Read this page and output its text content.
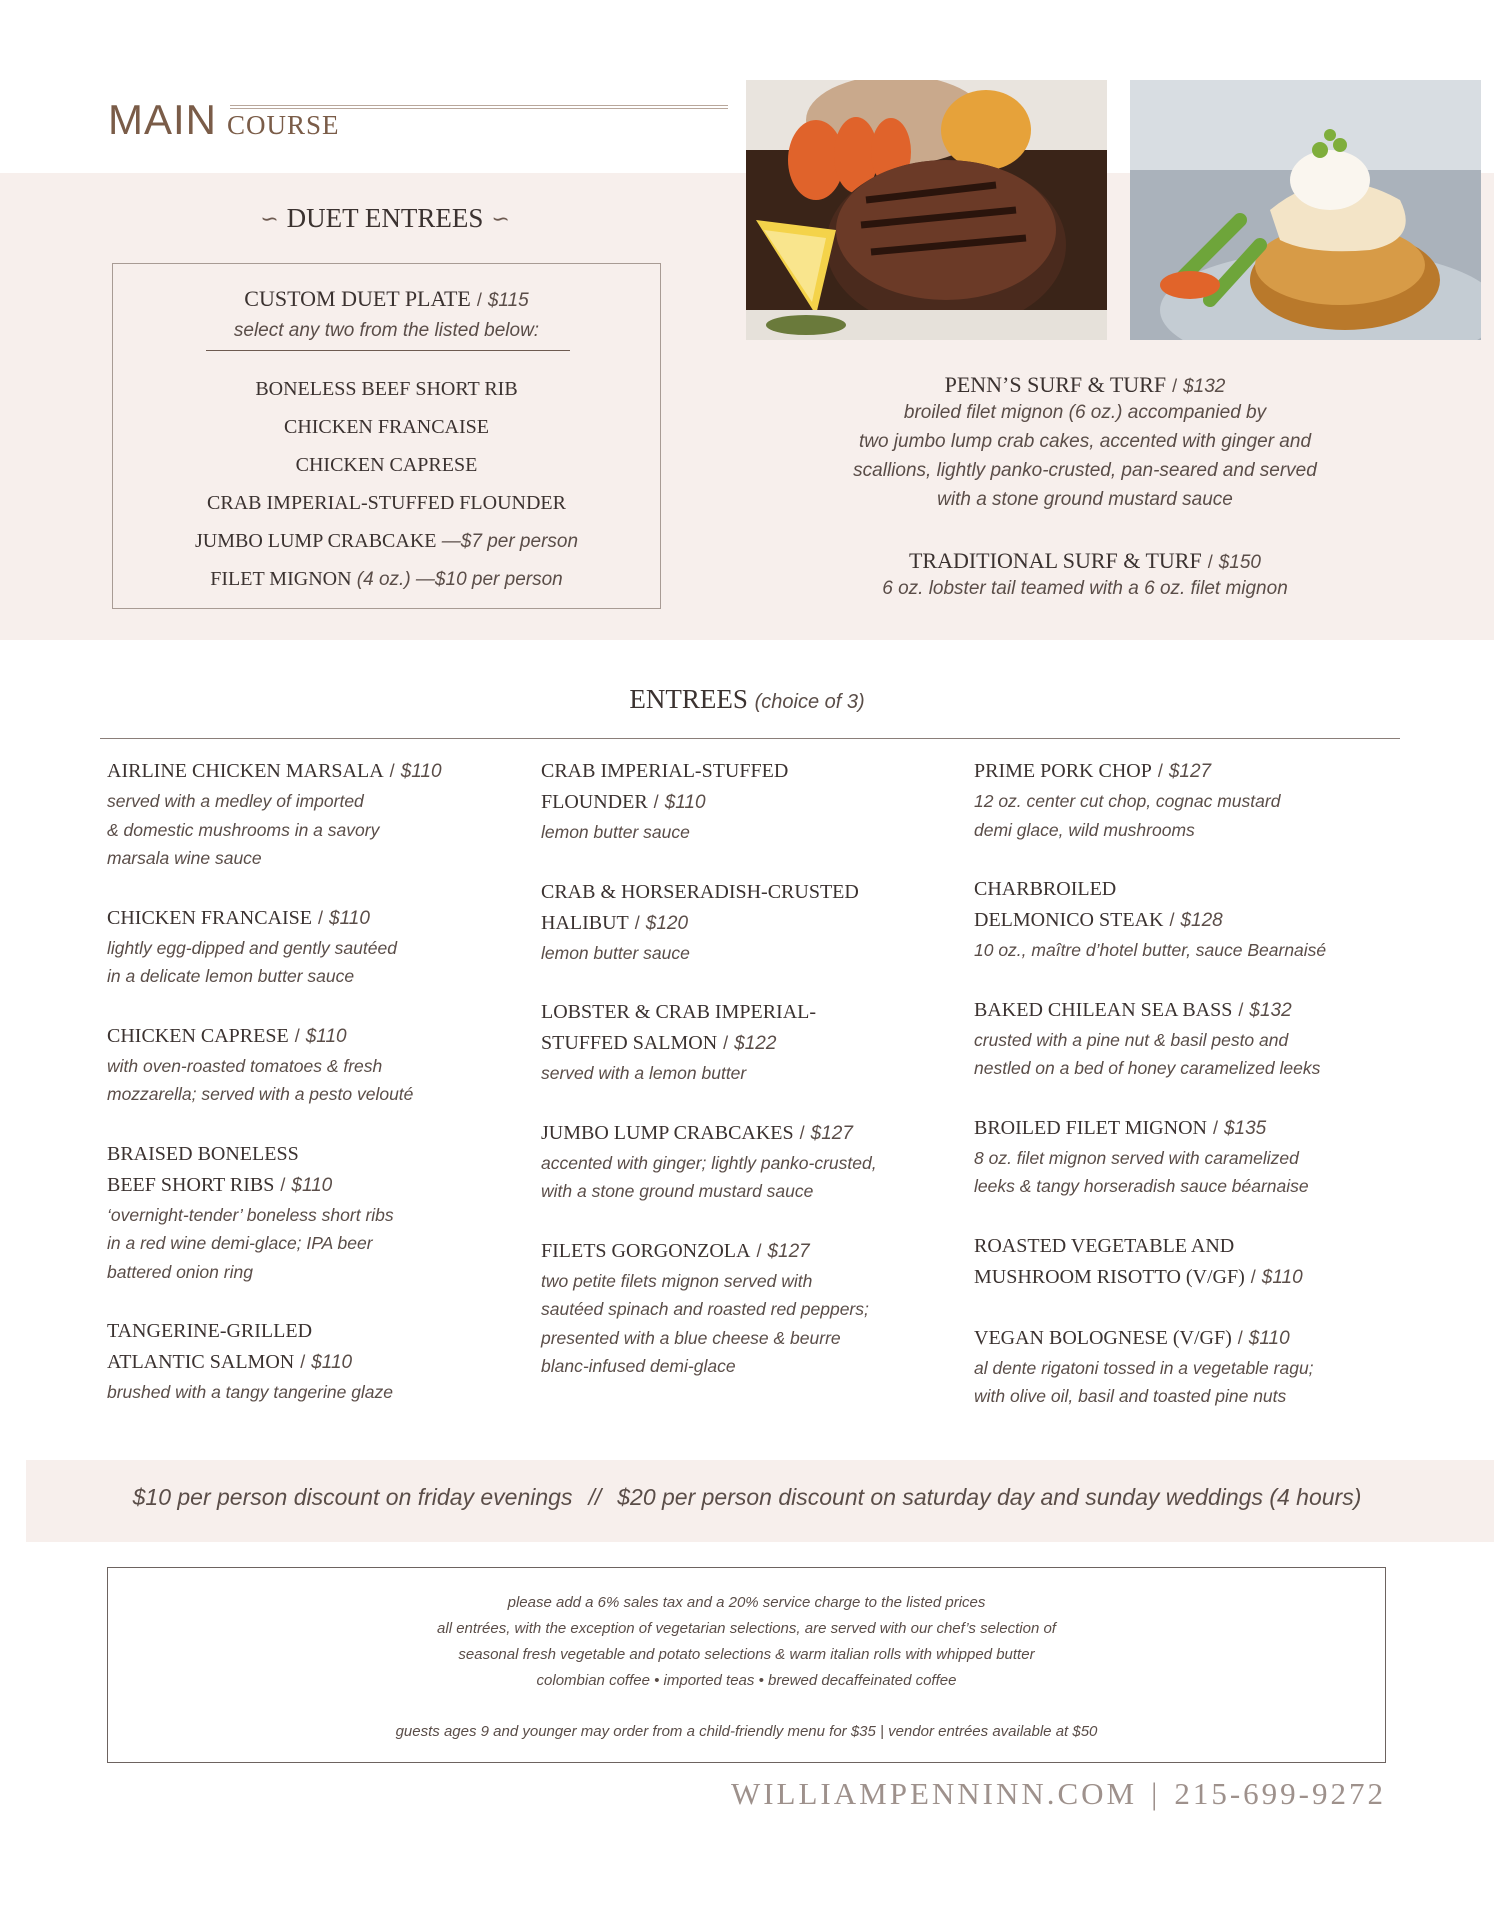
MAIN COURSE
∽ DUET ENTREES ∽
CUSTOM DUET PLATE / $115
select any two from the listed below:
BONELESS BEEF SHORT RIB
CHICKEN FRANCAISE
CHICKEN CAPRESE
CRAB IMPERIAL-STUFFED FLOUNDER
JUMBO LUMP CRABCAKE —$7 per person
FILET MIGNON (4 oz.) —$10 per person
PENN’S SURF & TURF / $132
broiled filet mignon (6 oz.) accompanied by
two jumbo lump crab cakes, accented with ginger and
scallions, lightly panko-crusted, pan-seared and served
with a stone ground mustard sauce
TRADITIONAL SURF & TURF / $150
6 oz. lobster tail teamed with a 6 oz. filet mignon
ENTREES (choice of 3)
AIRLINE CHICKEN MARSALA / $110
served with a medley of imported
& domestic mushrooms in a savory
marsala wine sauce
CHICKEN FRANCAISE / $110
lightly egg-dipped and gently sautéed
in a delicate lemon butter sauce
CHICKEN CAPRESE / $110
with oven-roasted tomatoes & fresh
mozzarella; served with a pesto velouté
BRAISED BONELESS
BEEF SHORT RIBS / $110
‘overnight-tender’ boneless short ribs
in a red wine demi-glace; IPA beer
battered onion ring
TANGERINE-GRILLED
ATLANTIC SALMON / $110
brushed with a tangy tangerine glaze
CRAB IMPERIAL-STUFFED
FLOUNDER / $110
lemon butter sauce
CRAB & HORSERADISH-CRUSTED
HALIBUT / $120
lemon butter sauce
LOBSTER & CRAB IMPERIAL-
STUFFED SALMON / $122
served with a lemon butter
JUMBO LUMP CRABCAKES / $127
accented with ginger; lightly panko-crusted,
with a stone ground mustard sauce
FILETS GORGONZOLA / $127
two petite filets mignon served with
sautéed spinach and roasted red peppers;
presented with a blue cheese & beurre
blanc-infused demi-glace
PRIME PORK CHOP / $127
12 oz. center cut chop, cognac mustard
demi glace, wild mushrooms
CHARBROILED
DELMONICO STEAK / $128
10 oz., maître d’hotel butter, sauce Bearnaisé
BAKED CHILEAN SEA BASS / $132
crusted with a pine nut & basil pesto and
nestled on a bed of honey caramelized leeks
BROILED FILET MIGNON / $135
8 oz. filet mignon served with caramelized
leeks & tangy horseradish sauce béarnaise
ROASTED VEGETABLE AND
MUSHROOM RISOTTO (V/GF) / $110
VEGAN BOLOGNESE (V/GF) / $110
al dente rigatoni tossed in a vegetable ragu;
with olive oil, basil and toasted pine nuts
$10 per person discount on friday evenings // $20 per person discount on saturday day and sunday weddings (4 hours)
please add a 6% sales tax and a 20% service charge to the listed prices
all entrées, with the exception of vegetarian selections, are served with our chef’s selection of
seasonal fresh vegetable and potato selections & warm italian rolls with whipped butter
colombian coffee • imported teas • brewed decaffeinated coffee
guests ages 9 and younger may order from a child-friendly menu for $35 | vendor entrées available at $50
WILLIAMPENNINN.COM | 215-699-9272
